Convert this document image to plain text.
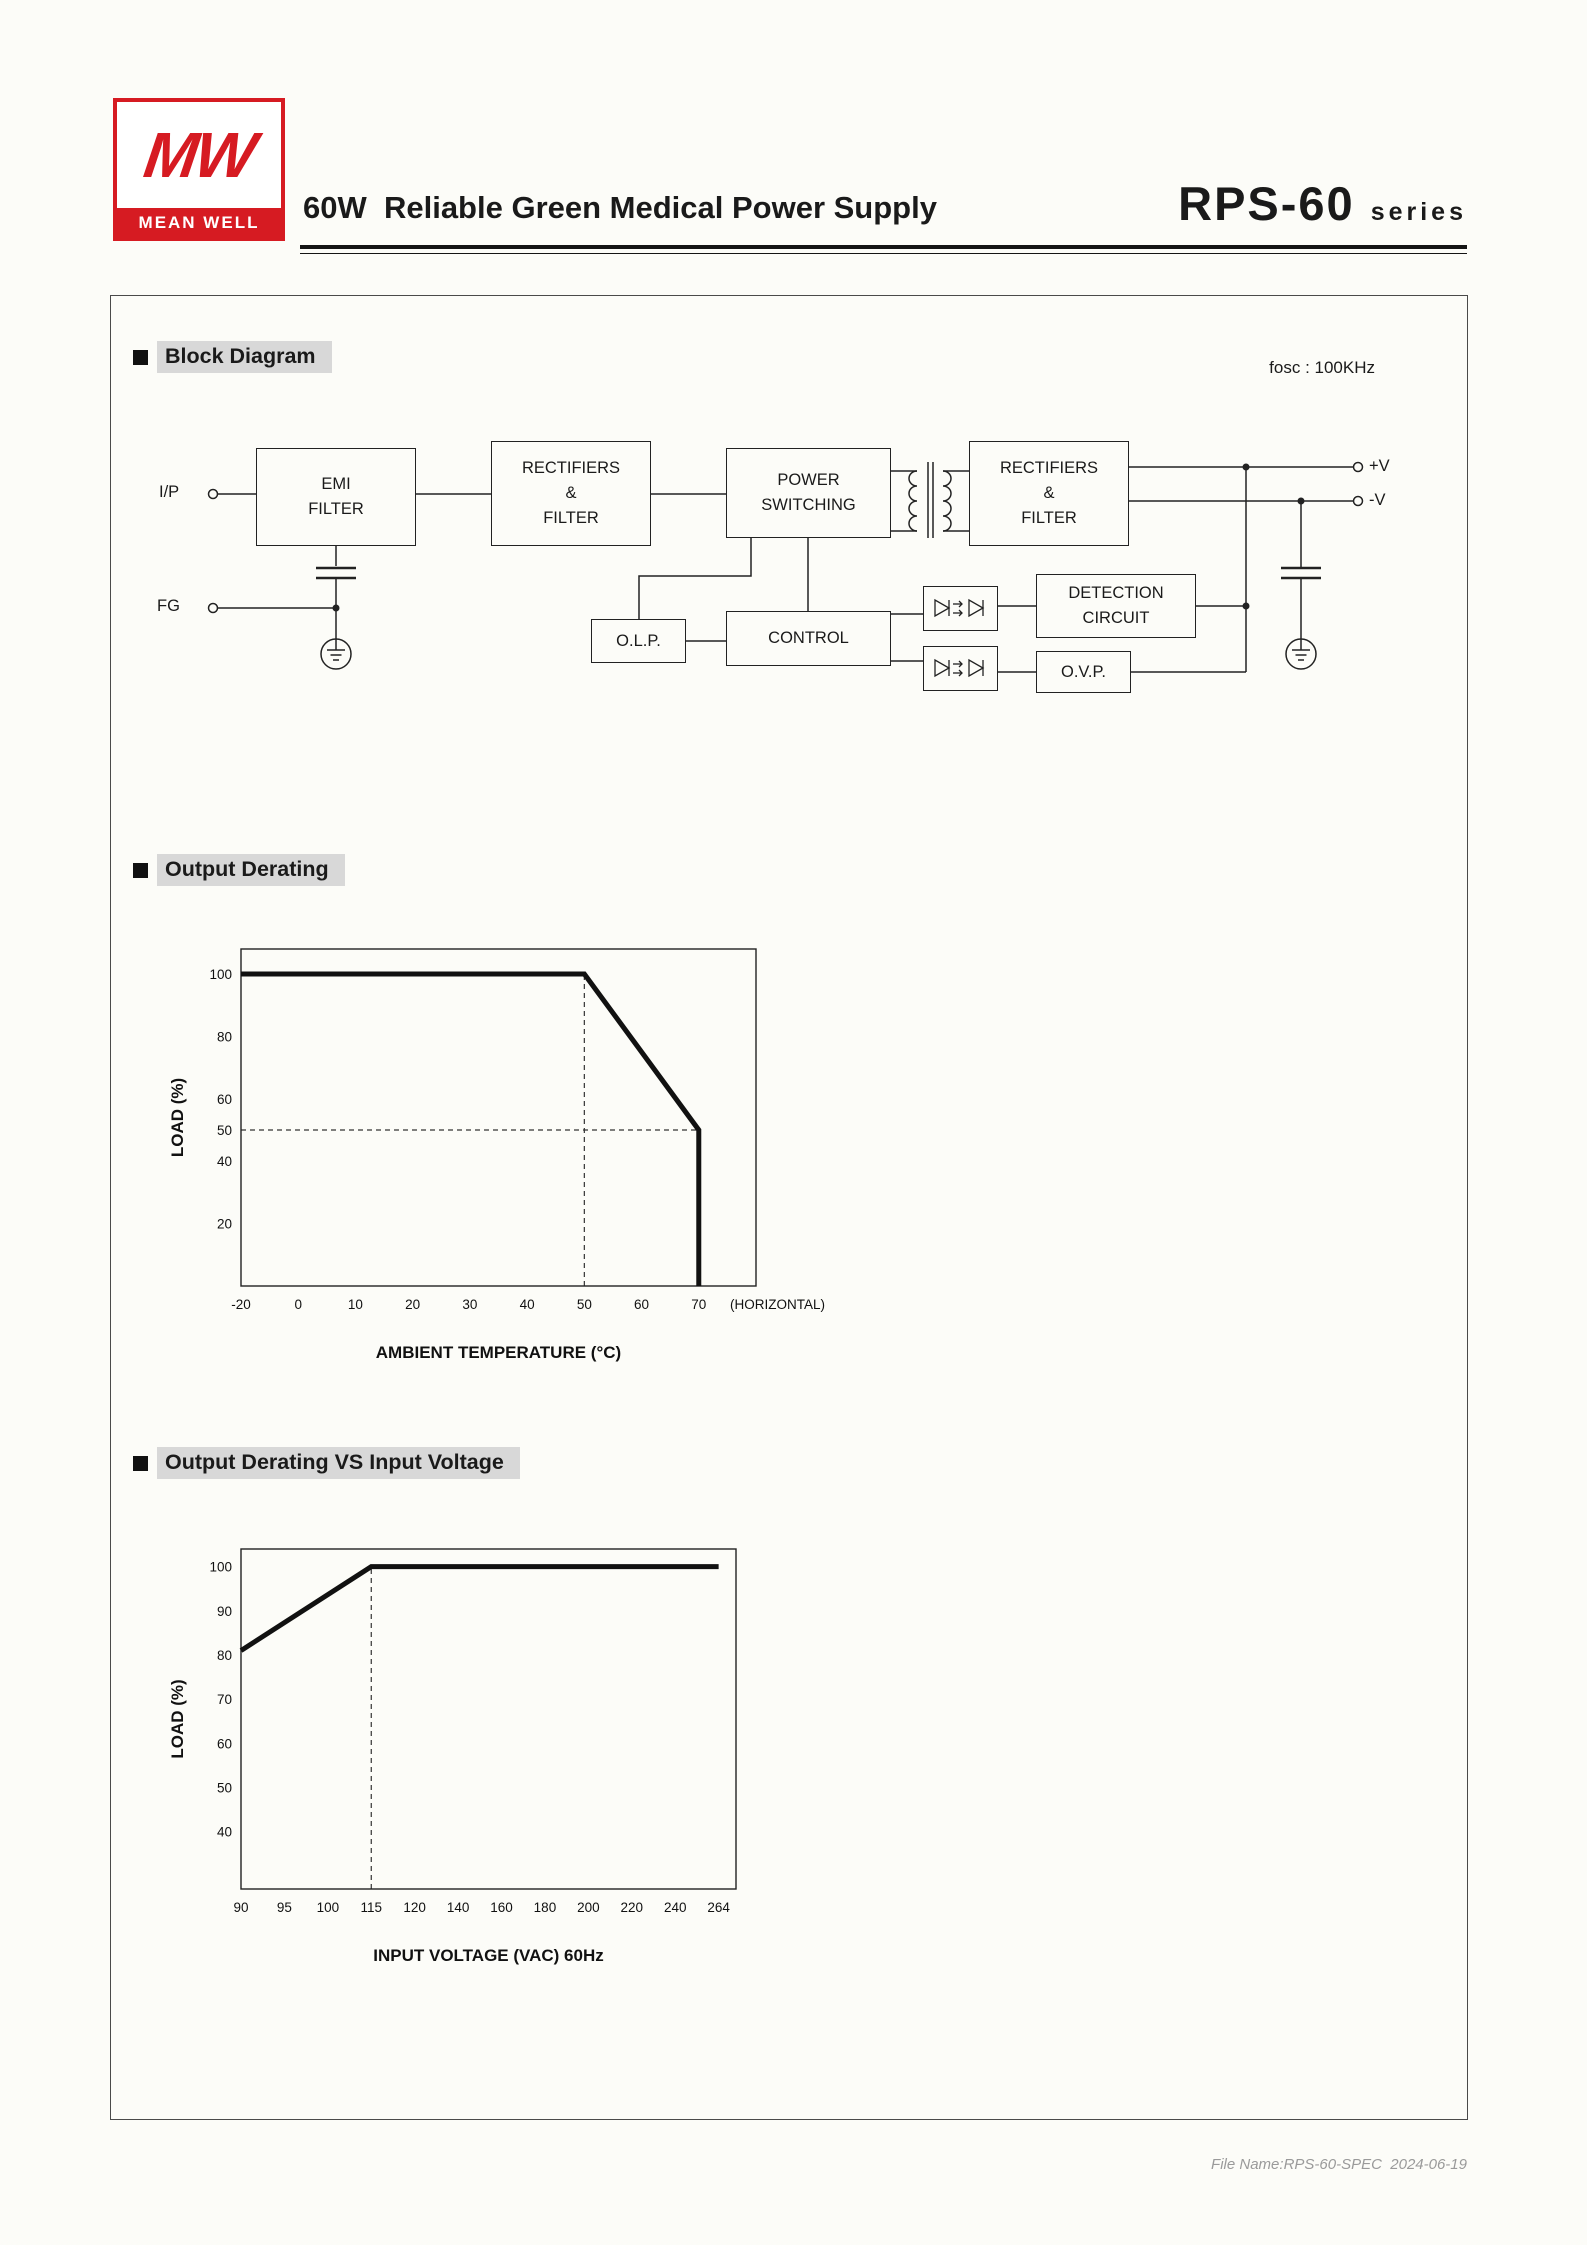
MW
MEAN WELL	60W  Reliable Green Medical Power Supply	RPS-60 series
Block Diagram	fosc : 100KHz
I/P
FG
+V
-V
EMI
FILTER
RECTIFIERS
&
FILTER
POWER
SWITCHING
RECTIFIERS
&
FILTER
DETECTION
CIRCUIT
O.L.P.	CONTROL
O.V.P.
Output Derating
20
40
50
60
80
100
-20	0	10	20	30	40	50	60	70 (HORIZONTAL)
LOAD (%)
AMBIENT TEMPERATURE (°C)
Output Derating VS Input Voltage
40
50
60
70
80
90
100
90 95 100 115 120 140 160 180 200 220 240 264
LOAD (%)
INPUT VOLTAGE (VAC) 60Hz
File Name:RPS-60-SPEC  2024-06-19
